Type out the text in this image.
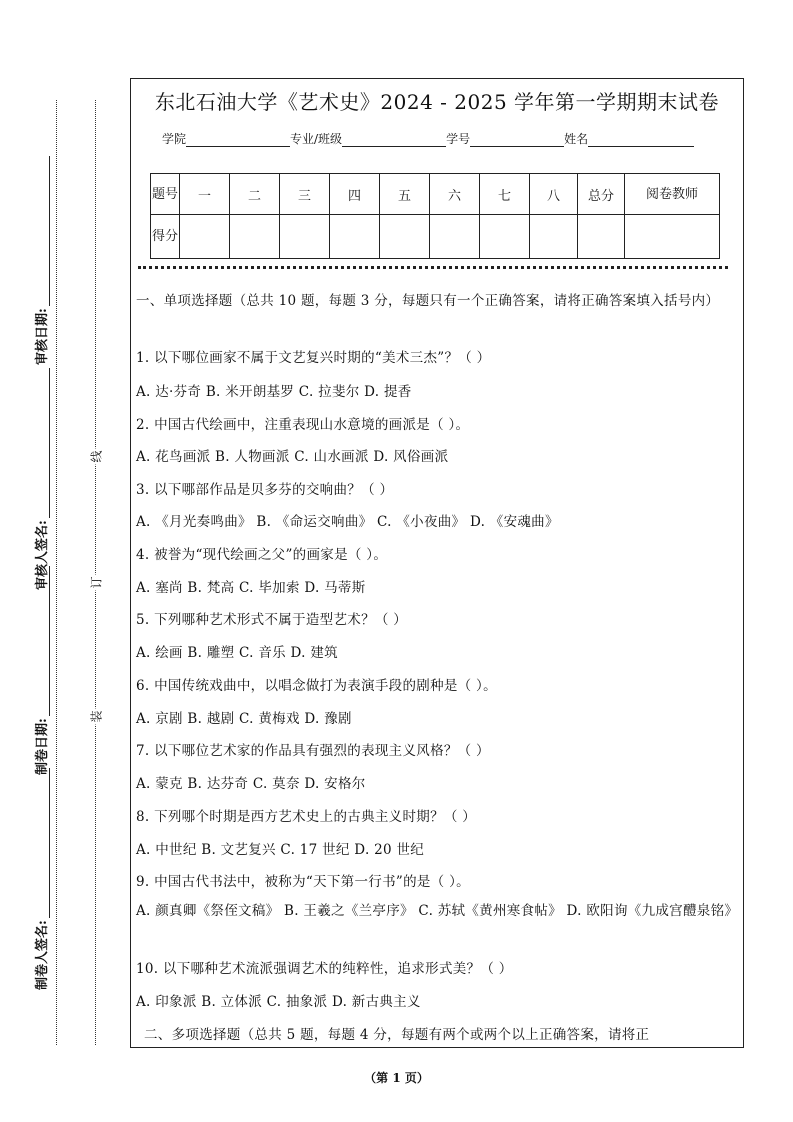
审核日期:
审核人签名:
制卷日期:
制卷人签名:
线
订
装
东北石油大学《艺术史》2024 - 2025 学年第一学期期末试卷
学院	专业/班级	学号	姓名
题号	一	二	三	四	五	六	七	八	总分	阅卷教师
得分										
一、单项选择题（总共 10 题，每题 3 分，每题只有一个正确答案，请将正确答案填入括号内）
1. 以下哪位画家不属于文艺复兴时期的“美术三杰”？（ ）
A. 达·芬奇 B. 米开朗基罗 C. 拉斐尔 D. 提香
2. 中国古代绘画中，注重表现山水意境的画派是（ ）。
A. 花鸟画派 B. 人物画派 C. 山水画派 D. 风俗画派
3. 以下哪部作品是贝多芬的交响曲？（ ）
A. 《月光奏鸣曲》 B. 《命运交响曲》 C. 《小夜曲》 D. 《安魂曲》
4. 被誉为“现代绘画之父”的画家是（ ）。
A. 塞尚 B. 梵高 C. 毕加索 D. 马蒂斯
5. 下列哪种艺术形式不属于造型艺术？（ ）
A. 绘画 B. 雕塑 C. 音乐 D. 建筑
6. 中国传统戏曲中，以唱念做打为表演手段的剧种是（ ）。
A. 京剧 B. 越剧 C. 黄梅戏 D. 豫剧
7. 以下哪位艺术家的作品具有强烈的表现主义风格？（ ）
A. 蒙克 B. 达芬奇 C. 莫奈 D. 安格尔
8. 下列哪个时期是西方艺术史上的古典主义时期？（ ）
A. 中世纪 B. 文艺复兴 C. 17 世纪 D. 20 世纪
9. 中国古代书法中，被称为“天下第一行书”的是（ ）。
A. 颜真卿《祭侄文稿》 B. 王羲之《兰亭序》 C. 苏轼《黄州寒食帖》 D. 欧阳询《九成宫醴泉铭》
10. 以下哪种艺术流派强调艺术的纯粹性，追求形式美？（ ）
A. 印象派 B. 立体派 C. 抽象派 D. 新古典主义
二、多项选择题（总共 5 题，每题 4 分，每题有两个或两个以上正确答案，请将正
（第 1 页）
